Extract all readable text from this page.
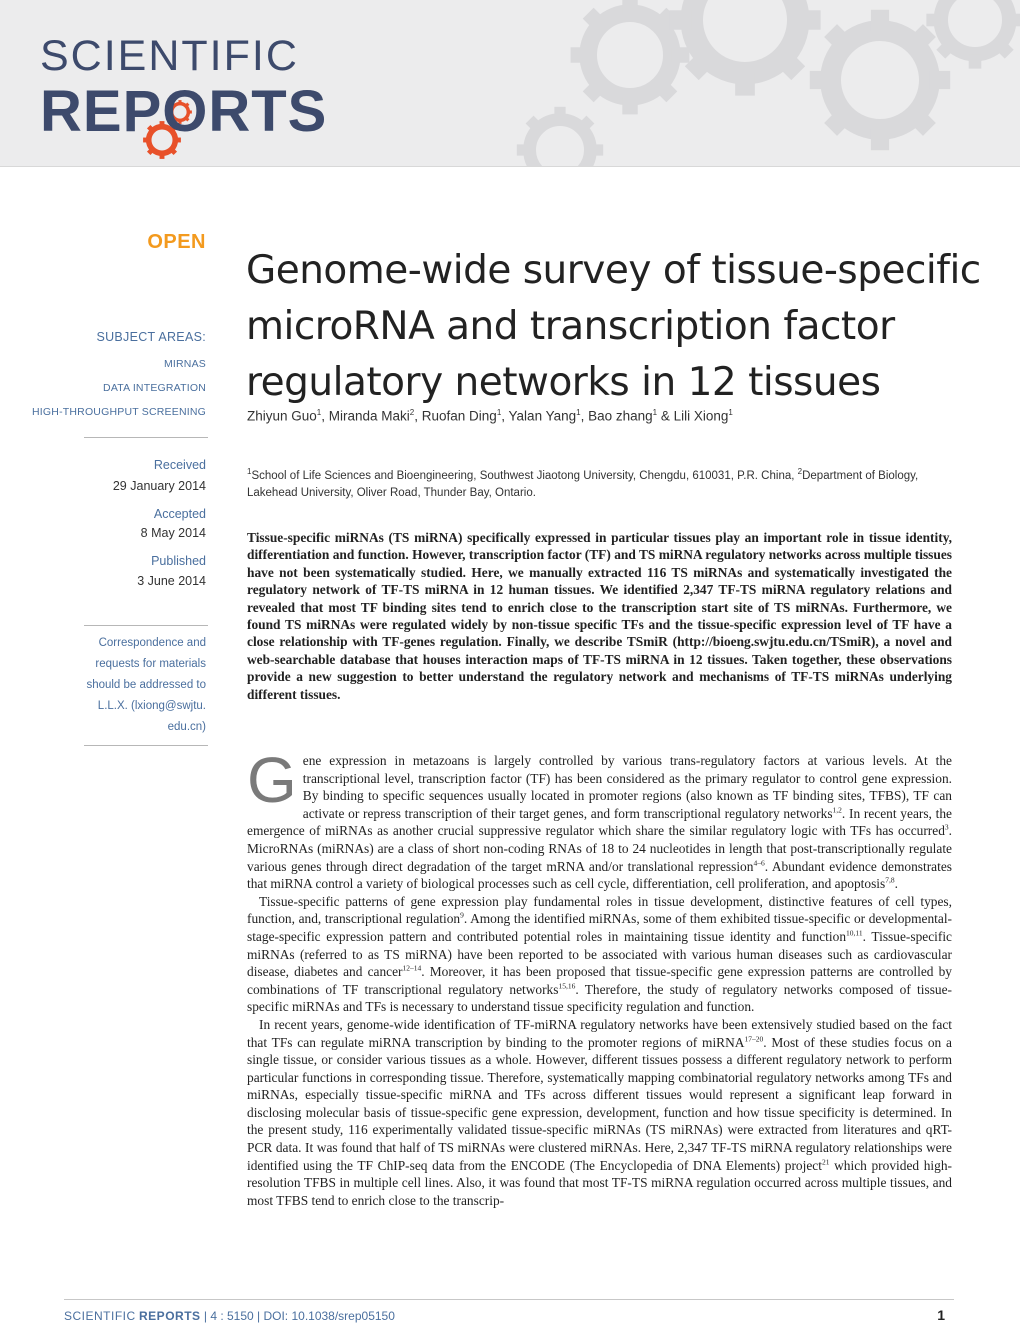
SCIENTIFIC
REPORTS
OPEN
SUBJECT AREAS:
MIRNAS
DATA INTEGRATION
HIGH-THROUGHPUT SCREENING
Received
29 January 2014
Accepted
8 May 2014
Published
3 June 2014
Correspondence and
requests for materials
should be addressed to
L.L.X. (lxiong@swjtu.
edu.cn)
Genome-wide survey of tissue-specific
microRNA and transcription factor
regulatory networks in 12 tissues
Zhiyun Guo$^1$, Miranda Maki$^2$, Ruofan Ding$^1$, Yalan Yang$^1$, Bao zhang$^1$ & Lili Xiong$^1$
$^1$School of Life Sciences and Bioengineering, Southwest Jiaotong University, Chengdu, 610031, P.R. China, $^2$Department of Biology, Lakehead University, Oliver Road, Thunder Bay, Ontario.
Tissue-specific miRNAs (TS miRNA) specifically expressed in particular tissues play an important role in tissue identity, differentiation and function. However, transcription factor (TF) and TS miRNA regulatory networks across multiple tissues have not been systematically studied. Here, we manually extracted 116 TS miRNAs and systematically investigated the regulatory network of TF-TS miRNA in 12 human tissues. We identified 2,347 TF-TS miRNA regulatory relations and revealed that most TF binding sites tend to enrich close to the transcription start site of TS miRNAs. Furthermore, we found TS miRNAs were regulated widely by non-tissue specific TFs and the tissue-specific expression level of TF have a close relationship with TF-genes regulation. Finally, we describe TSmiR (http://bioeng.swjtu.edu.cn/TSmiR), a novel and web-searchable database that houses interaction maps of TF-TS miRNA in 12 tissues. Taken together, these observations provide a new suggestion to better understand the regulatory network and mechanisms of TF-TS miRNAs underlying different tissues.

Gene expression in metazoans is largely controlled by various trans-regulatory factors at various levels. At the transcriptional level, transcription factor (TF) has been considered as the primary regulator to control gene expression. By binding to specific sequences usually located in promoter regions (also known as TF binding sites, TFBS), TF can activate or repress transcription of their target genes, and form transcriptional regulatory networks$^{1,2}$. In recent years, the emergence of miRNAs as another crucial suppressive regulator which share the similar regulatory logic with TFs has occurred$^3$. MicroRNAs (miRNAs) are a class of short non-coding RNAs of 18 to 24 nucleotides in length that post-transcriptionally regulate various genes through direct degradation of the target mRNA and/or translational repression$^{4-6}$. Abundant evidence demonstrates that miRNA control a variety of biological processes such as cell cycle, differentiation, cell proliferation, and apoptosis$^{7,8}$.

Tissue-specific patterns of gene expression play fundamental roles in tissue development, distinctive features of cell types, function, and, transcriptional regulation$^9$. Among the identified miRNAs, some of them exhibited tissue-specific or developmental-stage-specific expression pattern and contributed potential roles in maintaining tissue identity and function$^{10,11}$. Tissue-specific miRNAs (referred to as TS miRNA) have been reported to be associated with various human diseases such as cardiovascular disease, diabetes and cancer$^{12-14}$. Moreover, it has been proposed that tissue-specific gene expression patterns are controlled by combinations of TF transcriptional regulatory networks$^{15,16}$. Therefore, the study of regulatory networks composed of tissue-specific miRNAs and TFs is necessary to understand tissue specificity regulation and function.

In recent years, genome-wide identification of TF-miRNA regulatory networks have been extensively studied based on the fact that TFs can regulate miRNA transcription by binding to the promoter regions of miRNA$^{17-20}$. Most of these studies focus on a single tissue, or consider various tissues as a whole. However, different tissues possess a different regulatory network to perform particular functions in corresponding tissue. Therefore, systematically mapping combinatorial regulatory networks among TFs and miRNAs, especially tissue-specific miRNA and TFs across different tissues would represent a significant leap forward in disclosing molecular basis of tissue-specific gene expression, development, function and how tissue specificity is determined. In the present study, 116 experimentally validated tissue-specific miRNAs (TS miRNAs) were extracted from literatures and qRT-PCR data. It was found that half of TS miRNAs were clustered miRNAs. Here, 2,347 TF-TS miRNA regulatory relationships were identified using the TF ChIP-seq data from the ENCODE (The Encyclopedia of DNA Elements) project$^{21}$ which provided high-resolution TFBS in multiple cell lines. Also, it was found that most TF-TS miRNA regulation occurred across multiple tissues, and most TFBS tend to enrich close to the transcrip-

SCIENTIFIC REPORTS | 4 : 5150 | DOI: 10.1038/srep05150	1
